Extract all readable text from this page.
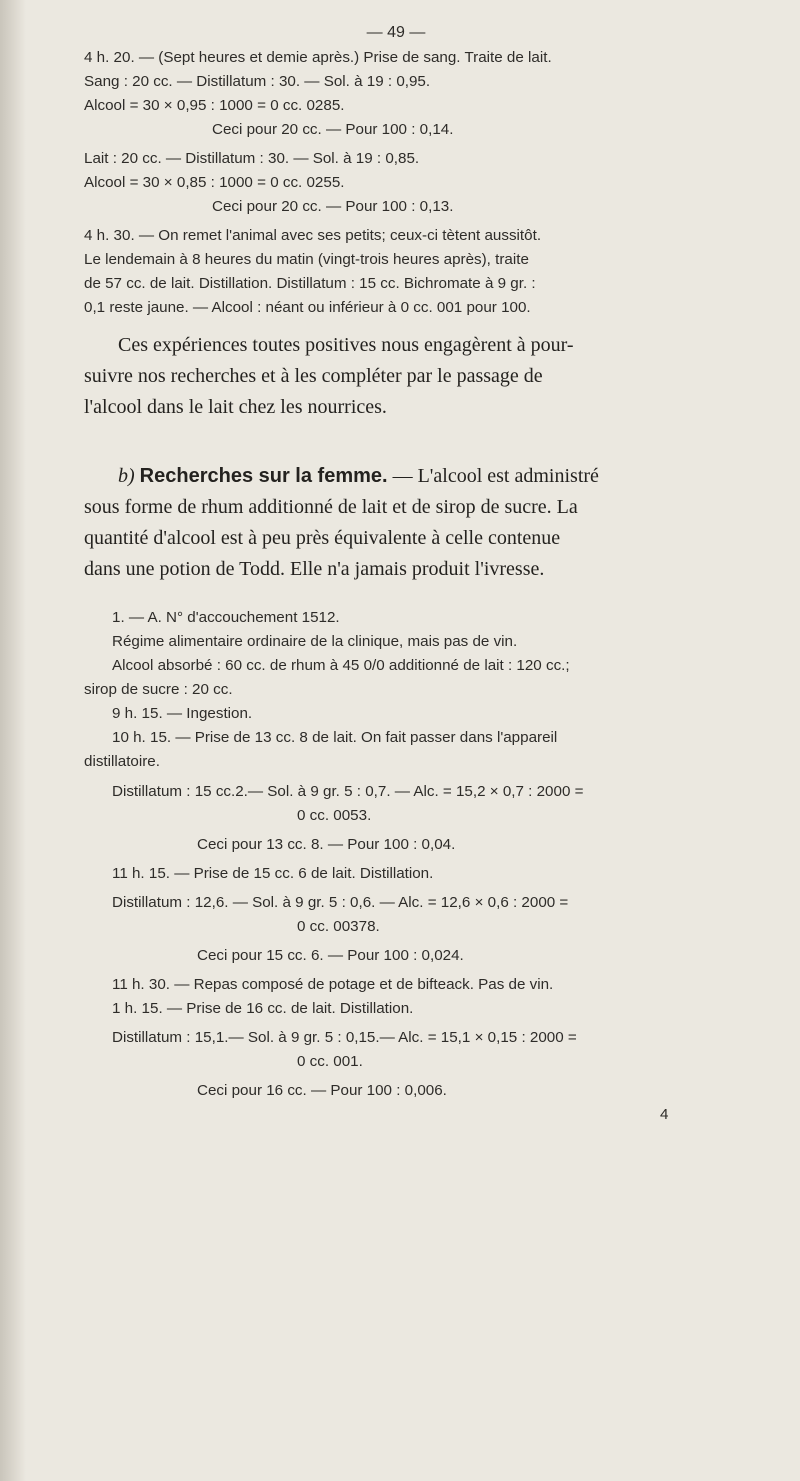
— 49 —
4 h. 20. — (Sept heures et demie après.) Prise de sang. Traite de lait.
Sang : 20 cc. — Distillatum : 30. — Sol. à 19 : 0,95.
Alcool = 30 × 0,95 : 1000 = 0 cc. 0285.
Ceci pour 20 cc. — Pour 100 : 0,14.
Lait : 20 cc. — Distillatum : 30. — Sol. à 19 : 0,85.
Alcool = 30 × 0,85 : 1000 = 0 cc. 0255.
Ceci pour 20 cc. — Pour 100 : 0,13.
4 h. 30. — On remet l'animal avec ses petits; ceux-ci tètent aussitôt.
Le lendemain à 8 heures du matin (vingt-trois heures après), traite
de 57 cc. de lait. Distillation. Distillatum : 15 cc. Bichromate à 9 gr. :
0,1 reste jaune. — Alcool : néant ou inférieur à 0 cc. 001 pour 100.
Ces expériences toutes positives nous engagèrent à pour-
suivre nos recherches et à les compléter par le passage de
l'alcool dans le lait chez les nourrices.
b) Recherches sur la femme. — L'alcool est administré
sous forme de rhum additionné de lait et de sirop de sucre. La
quantité d'alcool est à peu près équivalente à celle contenue
dans une potion de Todd. Elle n'a jamais produit l'ivresse.
1. — A. N° d'accouchement 1512.
Régime alimentaire ordinaire de la clinique, mais pas de vin.
Alcool absorbé : 60 cc. de rhum à 45 0/0 additionné de lait : 120 cc.;
sirop de sucre : 20 cc.
9 h. 15. — Ingestion.
10 h. 15. — Prise de 13 cc. 8 de lait. On fait passer dans l'appareil
distillatoire.
Distillatum : 15 cc.2.— Sol. à 9 gr. 5 : 0,7. — Alc. = 15,2 × 0,7 : 2000 =
0 cc. 0053.
Ceci pour 13 cc. 8. — Pour 100 : 0,04.
11 h. 15. — Prise de 15 cc. 6 de lait. Distillation.
Distillatum : 12,6. — Sol. à 9 gr. 5 : 0,6. — Alc. = 12,6 × 0,6 : 2000 =
0 cc. 00378.
Ceci pour 15 cc. 6. — Pour 100 : 0,024.
11 h. 30. — Repas composé de potage et de bifteack. Pas de vin.
1 h. 15. — Prise de 16 cc. de lait. Distillation.
Distillatum : 15,1.— Sol. à 9 gr. 5 : 0,15.— Alc. = 15,1 × 0,15 : 2000 =
0 cc. 001.
Ceci pour 16 cc. — Pour 100 : 0,006.
4
